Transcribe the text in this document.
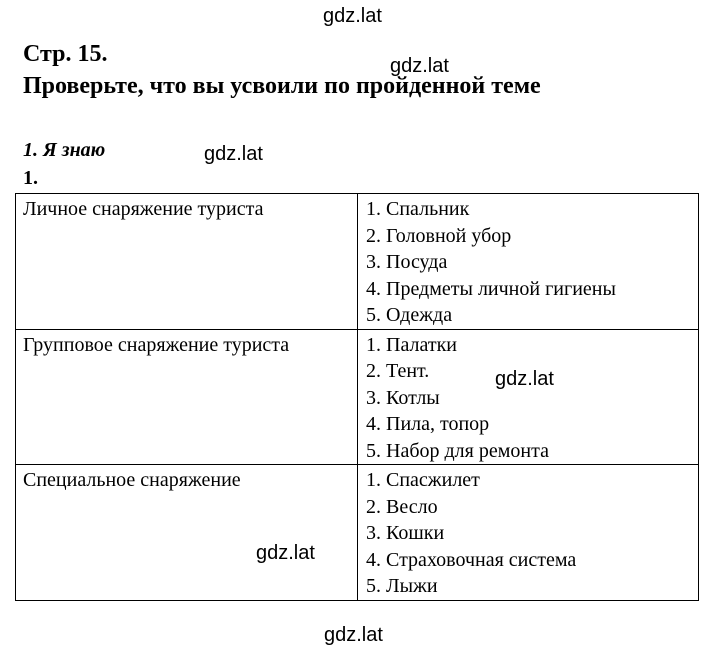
gdz.lat
Стр. 15.
Проверьте, что вы усвоили по пройденной теме
gdz.lat
1. Я знаю	gdz.lat
1.
Личное снаряжение туриста	1. Спальник
2. Головной убор
3. Посуда
4. Предметы личной гигиены
5. Одежда

Групповое снаряжение туриста	1. Палатки
2. Тент.
3. Котлы
4. Пила, топор
5. Набор для ремонта

Специальное снаряжение	1. Спасжилет
2. Весло
3. Кошки
4. Страховочная система
5. Лыжи
gdz.lat
gdz.lat
gdz.lat
